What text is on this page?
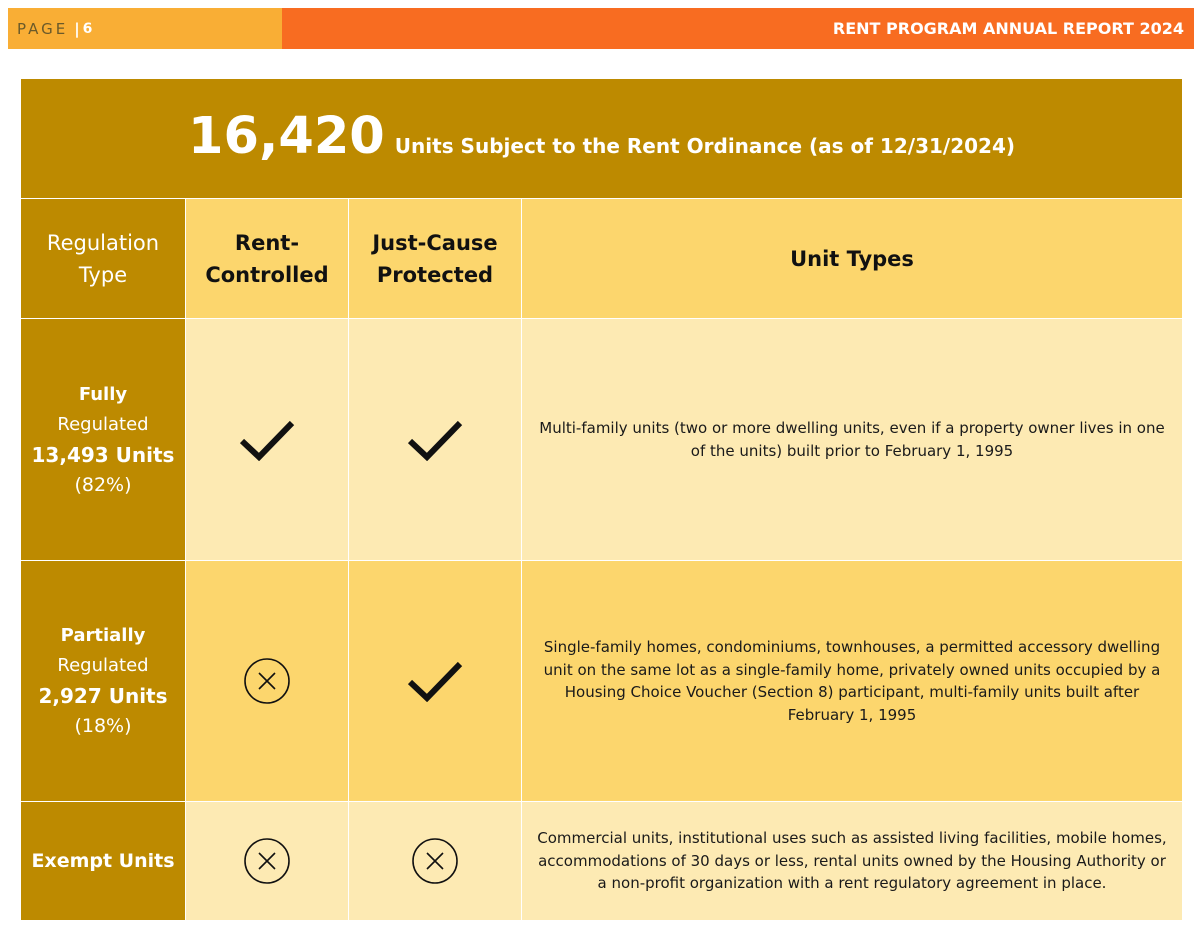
PAGE | 6	RENT PROGRAM ANNUAL REPORT 2024
16,420 Units Subject to the Rent Ordinance (as of 12/31/2024)
Regulation
Type
Rent-
Controlled
Just-Cause
Protected
Unit Types
Fully
Regulated
13,493 Units
(82%)
Multi-family units (two or more dwelling units, even if a property owner lives in one of the units) built prior to February 1, 1995
Partially
Regulated
2,927 Units
(18%)
Single-family homes, condominiums, townhouses, a permitted accessory dwelling unit on the same lot as a single-family home, privately owned units occupied by a Housing Choice Voucher (Section 8) participant, multi-family units built after February 1, 1995
Exempt Units
Commercial units, institutional uses such as assisted living facilities, mobile homes, accommodations of 30 days or less, rental units owned by the Housing Authority or a non-profit organization with a rent regulatory agreement in place.
